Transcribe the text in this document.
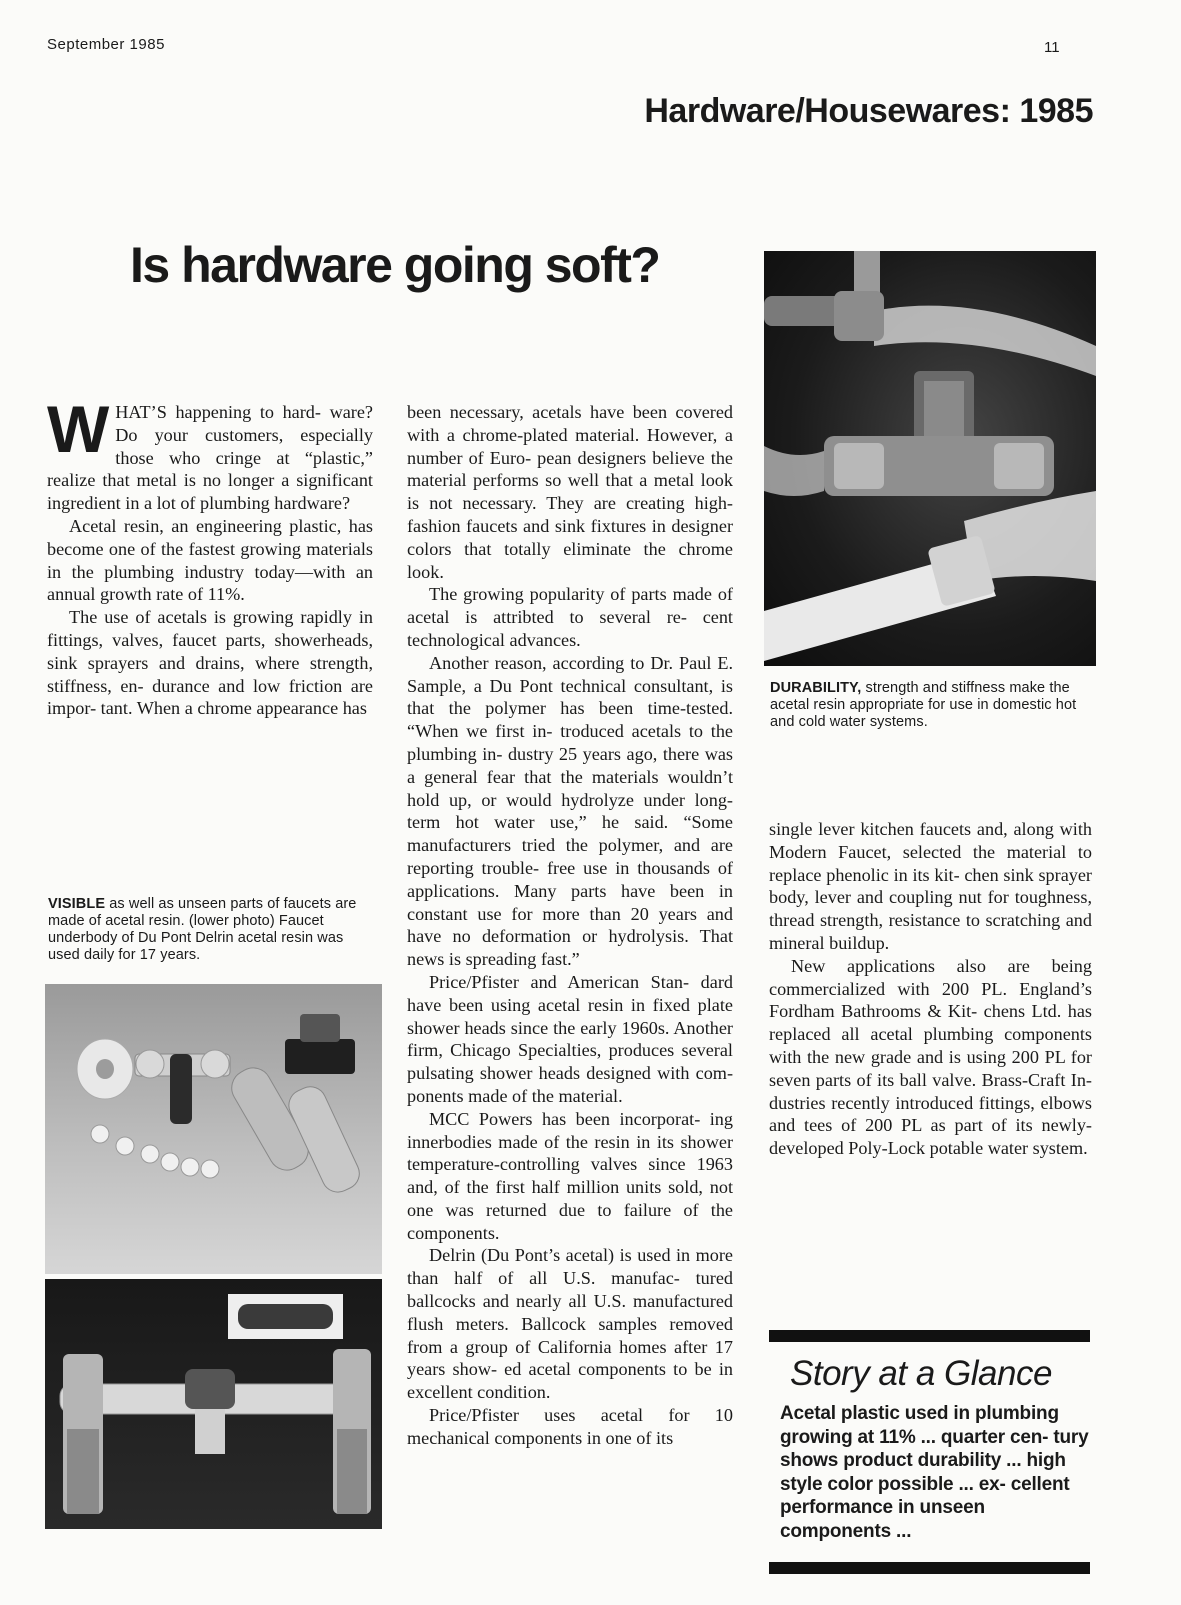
September 1985	11
Hardware/Housewares: 1985
Is hardware going soft?

WHAT’S happening to hard- ware? Do your customers, especially those who cringe at “plastic,” realize that metal is no longer a significant ingredient in a lot of plumbing hardware?

Acetal resin, an engineering plastic, has become one of the fastest growing materials in the plumbing industry today—with an annual growth rate of 11%.

The use of acetals is growing rapidly in fittings, valves, faucet parts, showerheads, sink sprayers and drains, where strength, stiffness, en- durance and low friction are impor- tant. When a chrome appearance has

VISIBLE as well as unseen parts of faucets are made of acetal resin. (lower photo) Faucet underbody of Du Pont Delrin acetal resin was used daily for 17 years.

been necessary, acetals have been covered with a chrome-plated material. However, a number of Euro- pean designers believe the material performs so well that a metal look is not necessary. They are creating high- fashion faucets and sink fixtures in designer colors that totally eliminate the chrome look.

The growing popularity of parts made of acetal is attribted to several re- cent technological advances.

Another reason, according to Dr. Paul E. Sample, a Du Pont technical consultant, is that the polymer has been time-tested. “When we first in- troduced acetals to the plumbing in- dustry 25 years ago, there was a general fear that the materials wouldn’t hold up, or would hydrolyze under long-term hot water use,” he said. “Some manufacturers tried the polymer, and are reporting trouble- free use in thousands of applications. Many parts have been in constant use for more than 20 years and have no deformation or hydrolysis. That news is spreading fast.”

Price/Pfister and American Stan- dard have been using acetal resin in fixed plate shower heads since the early 1960s. Another firm, Chicago Specialties, produces several pulsating shower heads designed with com- ponents made of the material.

MCC Powers has been incorporat- ing innerbodies made of the resin in its shower temperature-controlling valves since 1963 and, of the first half million units sold, not one was returned due to failure of the components.

Delrin (Du Pont’s acetal) is used in more than half of all U.S. manufac- tured ballcocks and nearly all U.S. manufactured flush meters. Ballcock samples removed from a group of California homes after 17 years show- ed acetal components to be in excellent condition.

Price/Pfister uses acetal for 10 mechanical components in one of its

DURABILITY, strength and stiffness make the acetal resin appropriate for use in domestic hot and cold water systems.

single lever kitchen faucets and, along with Modern Faucet, selected the material to replace phenolic in its kit- chen sink sprayer body, lever and coupling nut for toughness, thread strength, resistance to scratching and mineral buildup.

New applications also are being commercialized with 200 PL. England’s Fordham Bathrooms & Kit- chens Ltd. has replaced all acetal plumbing components with the new grade and is using 200 PL for seven parts of its ball valve. Brass-Craft In- dustries recently introduced fittings, elbows and tees of 200 PL as part of its newly-developed Poly-Lock potable water system.

Story at a Glance
Acetal plastic used in plumbing growing at 11% ... quarter cen- tury shows product durability ... high style color possible ... ex- cellent performance in unseen components ...
